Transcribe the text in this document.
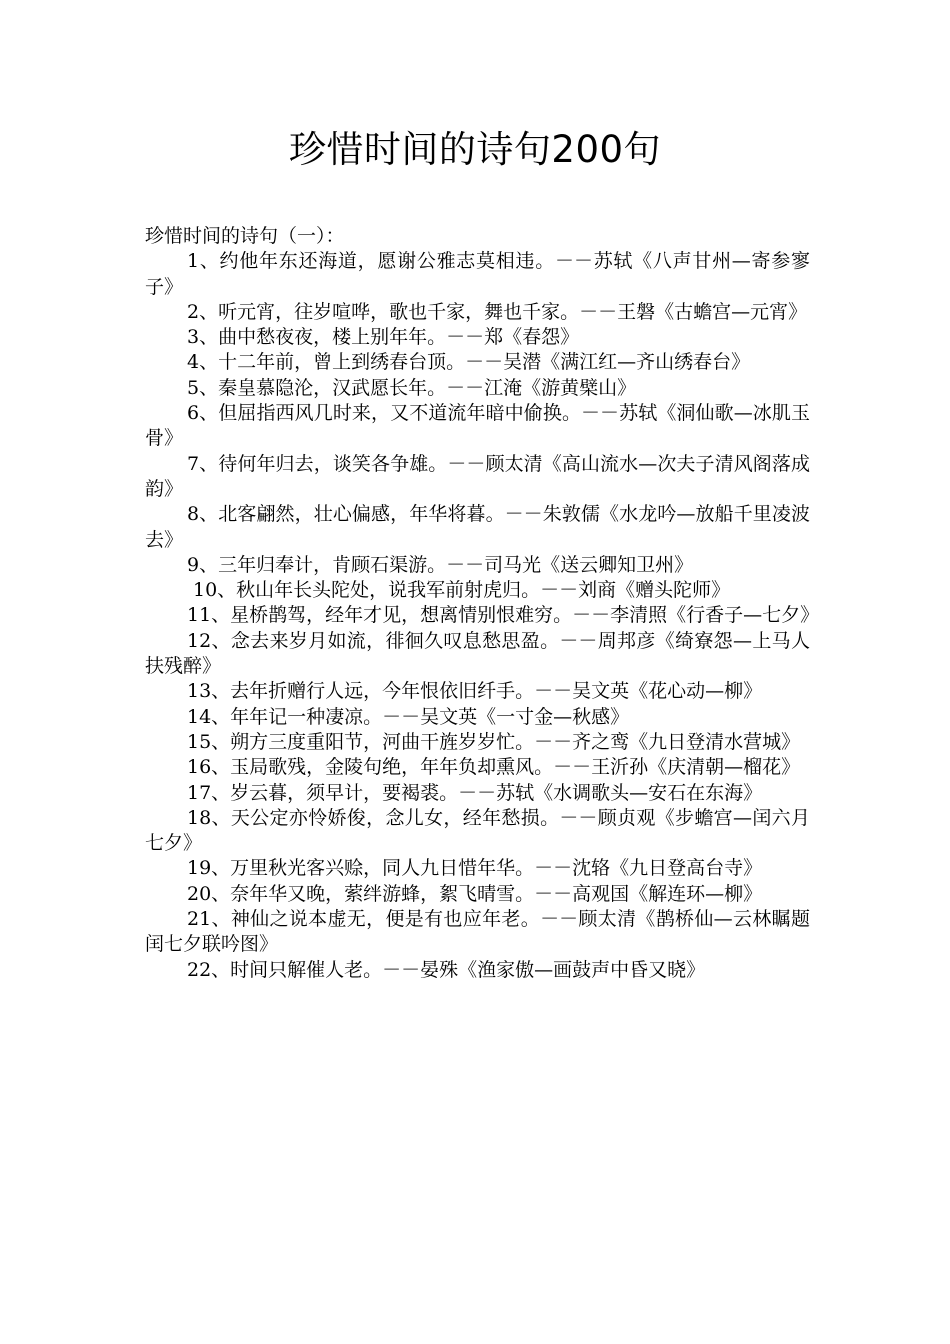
珍惜时间的诗句200句

珍惜时间的诗句（一）：

1、约他年东还海道，愿谢公雅志莫相违。－－苏轼《八声甘州—寄参寥子》

2、听元宵，往岁喧哗，歌也千家，舞也千家。－－王磐《古蟾宫—元宵》

3、曲中愁夜夜，楼上别年年。－－郑《春怨》

4、十二年前，曾上到绣春台顶。－－吴潜《满江红—齐山绣春台》

5、秦皇慕隐沦，汉武愿长年。－－江淹《游黄檗山》

6、但屈指西风几时来，又不道流年暗中偷换。－－苏轼《洞仙歌—冰肌玉骨》

7、待何年归去，谈笑各争雄。－－顾太清《高山流水—次夫子清风阁落成韵》

8、北客翩然，壮心偏感，年华将暮。－－朱敦儒《水龙吟—放船千里凌波去》

9、三年归奉计，肯顾石渠游。－－司马光《送云卿知卫州》

10、秋山年长头陀处，说我军前射虎归。－－刘商《赠头陀师》

11、星桥鹊驾，经年才见，想离情别恨难穷。－－李清照《行香子—七夕》

12、念去来岁月如流，徘徊久叹息愁思盈。－－周邦彦《绮寮怨—上马人扶残醉》

13、去年折赠行人远，今年恨依旧纤手。－－吴文英《花心动—柳》

14、年年记一种凄凉。－－吴文英《一寸金—秋感》

15、朔方三度重阳节，河曲干旌岁岁忙。－－齐之鸾《九日登清水营城》

16、玉局歌残，金陵句绝，年年负却熏风。－－王沂孙《庆清朝—榴花》

17、岁云暮，须早计，要褐裘。－－苏轼《水调歌头—安石在东海》

18、天公定亦怜娇俊，念儿女，经年愁损。－－顾贞观《步蟾宫—闰六月七夕》

19、万里秋光客兴赊，同人九日惜年华。－－沈辂《九日登高台寺》

20、奈年华又晚，萦绊游蜂，絮飞晴雪。－－高观国《解连环—柳》

21、神仙之说本虚无，便是有也应年老。－－顾太清《鹊桥仙—云林瞩题闰七夕联吟图》

22、时间只解催人老。－－晏殊《渔家傲—画鼓声中昏又晓》
